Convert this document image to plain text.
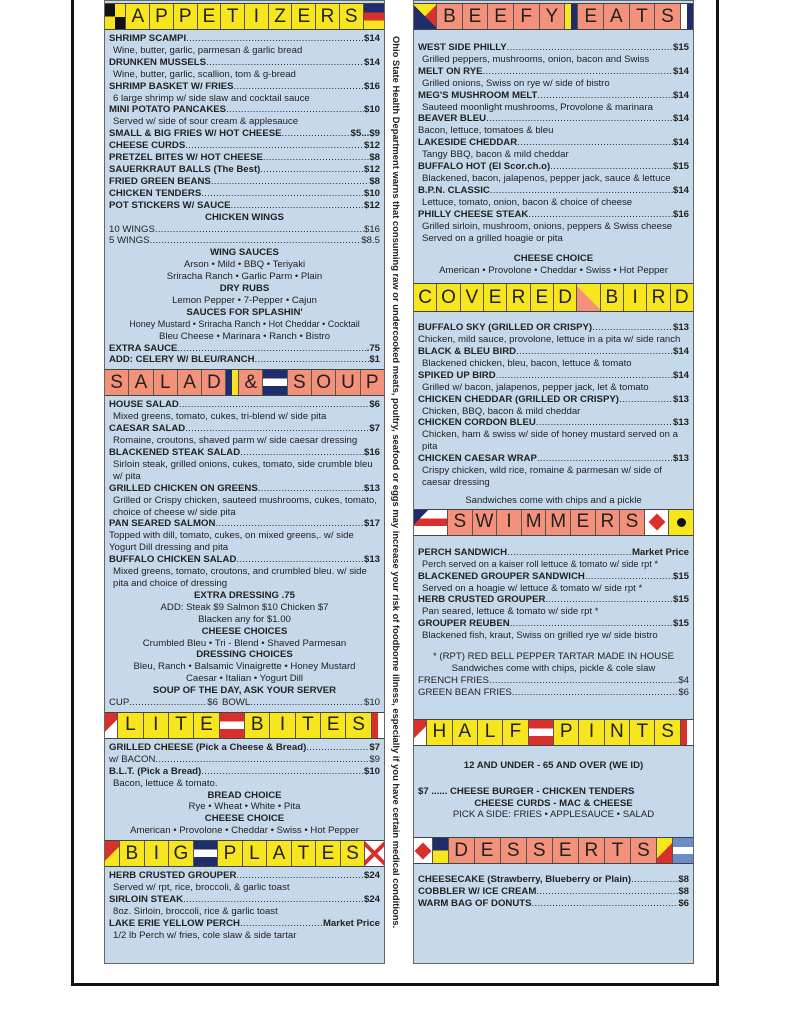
A P P E T I Z E R S
SHRIMP SCAMPI .....	$14
Wine, butter, garlic, parmesan & garlic bread
DRUNKEN MUSSELS .....	$14
Wine, butter, garlic, scallion, tom & g-bread
SHRIMP BASKET W/ FRIES .....	$16
6 large shrimp w/ side slaw and cocktail sauce
MINI POTATO PANCAKES .....	$10
Served w/ side of sour cream & applesauce
SMALL & BIG FRIES W/ HOT CHEESE .....	$5...$9
CHEESE CURDS .....	$12
PRETZEL BITES W/ HOT CHEESE .....	$8
SAUERKRAUT BALLS (The Best) .....	$12
FRIED GREEN BEANS .....	$8
CHICKEN TENDERS .....	$10
POT STICKERS W/ SAUCE .....	$12
CHICKEN WINGS
10 WINGS .....	$16
5 WINGS .....	$8.5
WING SAUCES
Arson • Mild • BBQ • Teriyaki
Sriracha Ranch • Garlic Parm • Plain
DRY RUBS
Lemon Pepper • 7-Pepper • Cajun
SAUCES FOR SPLASHIN'
Honey Mustard • Sriracha Ranch • Hot Cheddar • Cocktail
Bleu Cheese • Marinara • Ranch • Bistro
EXTRA SAUCE .....	.75
ADD: CELERY W/ BLEU/RANCH .....	$1
S A L A D	&	S O U P
HOUSE SALAD .....	$6
Mixed greens, tomato, cukes, tri-blend w/ side pita
CAESAR SALAD .....	$7
Romaine, croutons, shaved parm w/ side caesar dressing
BLACKENED STEAK SALAD .....	$16
Sirloin steak, grilled onions, cukes, tomato, side crumble bleu w/ pita
GRILLED CHICKEN ON GREENS .....	$13
Grilled or Crispy chicken, sauteed mushrooms, cukes, tomato, choice of cheese w/ side pita
PAN SEARED SALMON .....	$17
Topped with dill, tomato, cukes, on mixed greens,. w/ side Yogurt Dill dressing and pita
BUFFALO CHICKEN SALAD .....	$13
Mixed greens, tomato, croutons, and crumbled bleu. w/ side pita and choice of dressing
EXTRA DRESSING .75
ADD: Steak $9 Salmon $10 Chicken $7
Blacken any for $1.00
CHEESE CHOICES
Crumbled Bleu • Tri - Blend • Shaved Parmesan
DRESSING CHOICES
Bleu, Ranch • Balsamic Vinaigrette • Honey Mustard
Caesar • Italian • Yogurt Dill
SOUP OF THE DAY, ASK YOUR SERVER
CUP .....	$6 BOWL .....	$10
L I T E	B I T E S
GRILLED CHEESE (Pick a Cheese & Bread) .....	$7
w/ BACON .....	$9
B.L.T. (Pick a Bread) .....	$10
Bacon, lettuce & tomato.
BREAD CHOICE
Rye • Wheat • White • Pita
CHEESE CHOICE
American • Provolone • Cheddar • Swiss • Hot Pepper
B I G P L A T E S
HERB CRUSTED GROUPER .....	$24
Served w/ rpt, rice, broccoli, & garlic toast
SIRLOIN STEAK .....	$24
8oz. Sirloin, broccoli, rice & garlic toast
LAKE ERIE YELLOW PERCH .....	Market Price
1/2 lb Perch w/ fries, cole slaw & side tartar
Ohio State Health Department warns that consuming raw or undercooked meats, poultry, seafood or eggs may increase your risk of foodborne illness, especially if you have certain medical conditions.
B E E F Y	E A T S
WEST SIDE PHILLY .....	$15
Grilled peppers, mushrooms, onion, bacon and Swiss
MELT ON RYE .....	$14
Grilled onions, Swiss on rye w/ side of bistro
MEG'S MUSHROOM MELT .....	$14
Sauteed moonlight mushrooms, Provolone & marinara
BEAVER BLEU .....	$14
Bacon, lettuce, tomatoes & bleu
LAKESIDE CHEDDAR .....	$14
Tangy BBQ, bacon & mild cheddar
BUFFALO HOT (El Scor.ch.o) .....	$15
Blackened, bacon, jalapenos, pepper jack, sauce & lettuce
B.P.N. CLASSIC .....	$14
Lettuce, tomato, onion, bacon & choice of cheese
PHILLY CHEESE STEAK .....	$16
Grilled sirloin, mushroom, onions, peppers & Swiss cheese Served on a grilled hoagie or pita
CHEESE CHOICE
American • Provolone • Cheddar • Swiss • Hot Pepper
C O V E R E D B I R D
BUFFALO SKY (GRILLED OR CRISPY) .....	$13
Chicken, mild sauce, provolone, lettuce in a pita w/ side ranch
BLACK & BLEU BIRD .....	$14
Blackened chicken, bleu, bacon, lettuce & tomato
SPIKED UP BIRD .....	$14
Grilled w/ bacon, jalapenos, pepper jack, let & tomato
CHICKEN CHEDDAR (GRILLED OR CRISPY) .....	$13
Chicken, BBQ, bacon & mild cheddar
CHICKEN CORDON BLEU .....	$13
Chicken, ham & swiss w/ side of honey mustard served on a pita
CHICKEN CAESAR WRAP .....	$13
Crispy chicken, wild rice, romaine & parmesan w/ side of caesar dressing
Sandwiches come with chips and a pickle
S W I M M E R S
PERCH SANDWICH .....	Market Price
Perch served on a kaiser roll lettuce & tomato w/ side rpt *
BLACKENED GROUPER SANDWICH .....	$15
Served on a hoagie w/ lettuce & tomato w/ side rpt *
HERB CRUSTED GROUPER .....	$15
Pan seared, lettuce & tomato w/ side rpt *
GROUPER REUBEN .....	$15
Blackened fish, kraut, Swiss on grilled rye w/ side bistro
* (RPT) RED BELL PEPPER TARTAR MADE IN HOUSE
Sandwiches come with chips, pickle & cole slaw
FRENCH FRIES .....	$4
GREEN BEAN FRIES .....	$6
H A L F	P I N T S
12 AND UNDER - 65 AND OVER (WE ID)
$7 ...... CHEESE BURGER - CHICKEN TENDERS
CHEESE CURDS - MAC & CHEESE
PICK A SIDE: FRIES • APPLESAUCE • SALAD
D E S S E R T S
CHEESECAKE (Strawberry, Blueberry or Plain) .....	$8
COBBLER W/ ICE CREAM .....	$8
WARM BAG OF DONUTS .....	$6
